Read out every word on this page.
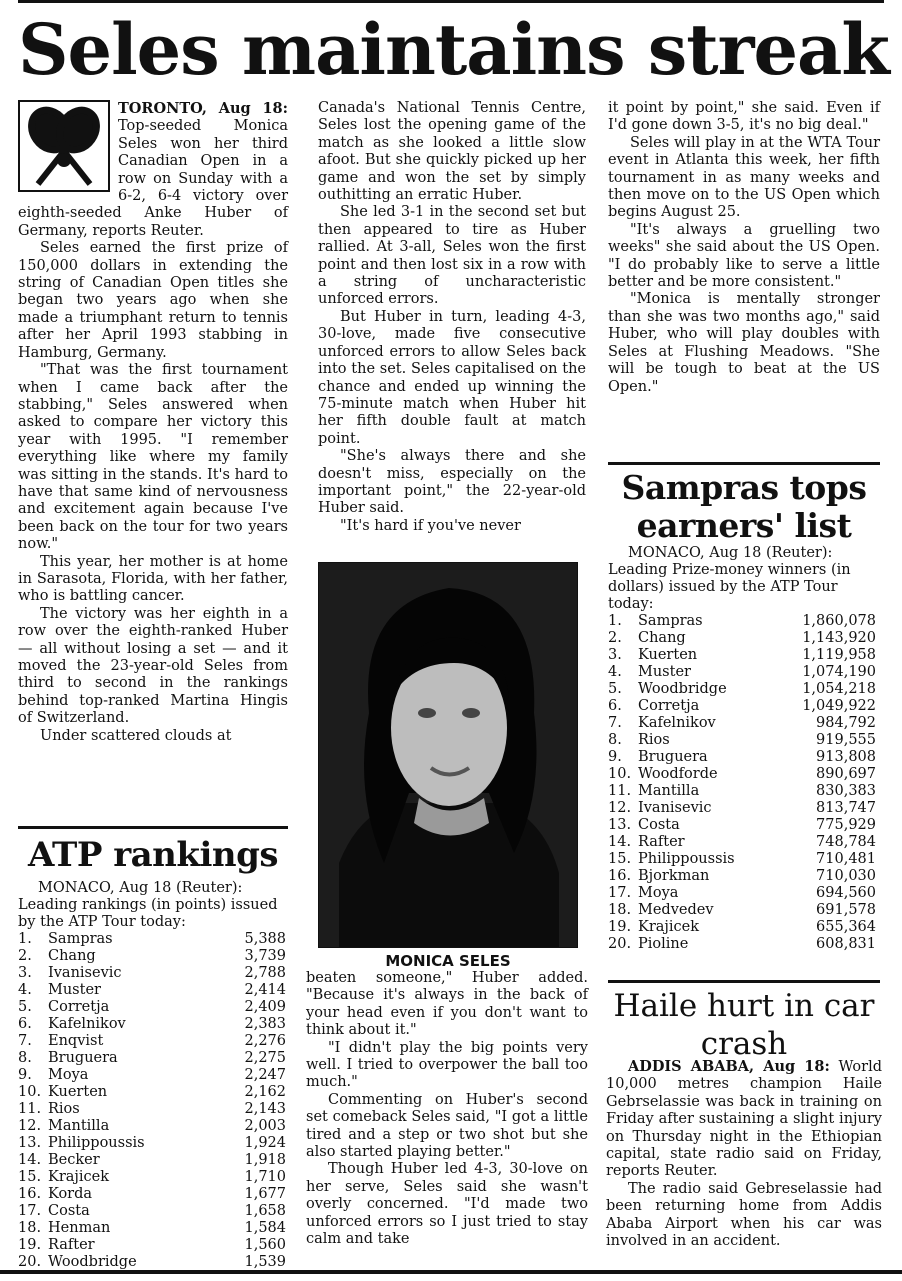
Seles maintains streak

TORONTO, Aug 18: Top-seeded Monica Seles won her third Canadian Open in a row on Sunday with a 6-2, 6-4 victory over eighth-seeded Anke Huber of Germany, reports Reuter.

Seles earned the first prize of 150,000 dollars in extending the string of Canadian Open titles she began two years ago when she made a triumphant return to tennis after her April 1993 stabbing in Hamburg, Germany.

"That was the first tournament when I came back after the stabbing," Seles answered when asked to compare her victory this year with 1995. "I remember everything like where my family was sitting in the stands. It's hard to have that same kind of nervousness and excitement again because I've been back on the tour for two years now."

This year, her mother is at home in Sarasota, Florida, with her father, who is battling cancer.

The victory was her eighth in a row over the eighth-ranked Huber — all without losing a set — and it moved the 23-year-old Seles from third to second in the rankings behind top-ranked Martina Hingis of Switzerland.

Under scattered clouds at

ATP rankings
MONACO, Aug 18 (Reuter):
Leading rankings (in points) issued by the ATP Tour today:
1.	Sampras	5,388
2.	Chang	3,739
3.	Ivanisevic	2,788
4.	Muster	2,414
5.	Corretja	2,409
6.	Kafelnikov	2,383
7.	Enqvist	2,276
8.	Bruguera	2,275
9.	Moya	2,247
10.	Kuerten	2,162
11.	Rios	2,143
12.	Mantilla	2,003
13.	Philippoussis	1,924
14.	Becker	1,918
15.	Krajicek	1,710
16.	Korda	1,677
17.	Costa	1,658
18.	Henman	1,584
19.	Rafter	1,560
20.	Woodbridge	1,539

Canada's National Tennis Centre, Seles lost the opening game of the match as she looked a little slow afoot. But she quickly picked up her game and won the set by simply outhitting an erratic Huber.

She led 3-1 in the second set but then appeared to tire as Huber rallied. At 3-all, Seles won the first point and then lost six in a row with a string of uncharacteristic unforced errors.

But Huber in turn, leading 4-3, 30-love, made five consecutive unforced errors to allow Seles back into the set. Seles capitalised on the chance and ended up winning the 75-minute match when Huber hit her fifth double fault at match point.

"She's always there and she doesn't miss, especially on the important point," the 22-year-old Huber said.

"It's hard if you've never

MONICA SELES

beaten someone," Huber added. "Because it's always in the back of your head even if you don't want to think about it."

"I didn't play the big points very well. I tried to overpower the ball too much."

Commenting on Huber's second set comeback Seles said, "I got a little tired and a step or two shot but she also started playing better."

Though Huber led 4-3, 30-love on her serve, Seles said she wasn't overly concerned. "I'd made two unforced errors so I just tried to stay calm and take

it point by point," she said. Even if I'd gone down 3-5, it's no big deal."

Seles will play in at the WTA Tour event in Atlanta this week, her fifth tournament in as many weeks and then move on to the US Open which begins August 25.

"It's always a gruelling two weeks" she said about the US Open. "I do probably like to serve a little better and be more consistent."

"Monica is mentally stronger than she was two months ago," said Huber, who will play doubles with Seles at Flushing Meadows. "She will be tough to beat at the US Open."

Sampras tops earners' list
MONACO, Aug 18 (Reuter):
Leading Prize-money winners (in dollars) issued by the ATP Tour today:
1.	Sampras	1,860,078
2.	Chang	1,143,920
3.	Kuerten	1,119,958
4.	Muster	1,074,190
5.	Woodbridge	1,054,218
6.	Corretja	1,049,922
7.	Kafelnikov	984,792
8.	Rios	919,555
9.	Bruguera	913,808
10.	Woodforde	890,697
11.	Mantilla	830,383
12.	Ivanisevic	813,747
13.	Costa	775,929
14.	Rafter	748,784
15.	Philippoussis	710,481
16.	Bjorkman	710,030
17.	Moya	694,560
18.	Medvedev	691,578
19.	Krajicek	655,364
20.	Pioline	608,831
Haile hurt in car crash

ADDIS ABABA, Aug 18: World 10,000 metres champion Haile Gebrselassie was back in training on Friday after sustaining a slight injury on Thursday night in the Ethiopian capital, state radio said on Friday, reports Reuter.

The radio said Gebreselassie had been returning home from Addis Ababa Airport when his car was involved in an accident.
